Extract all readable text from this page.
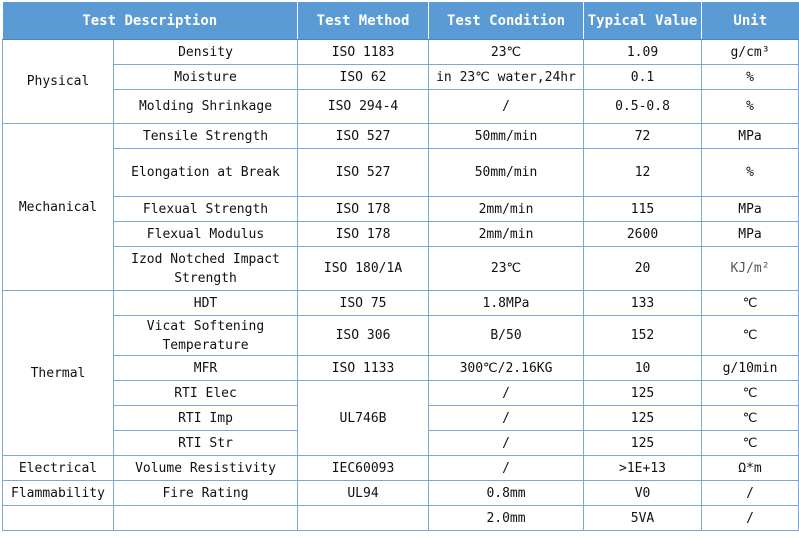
Test Description		Test Method	Test Condition	Typical Value	Unit
Physical	Density	ISO 1183	23℃	1.09	g/cm³
	Moisture	ISO 62	in 23℃ water,24hr	0.1	%
	Molding Shrinkage	ISO 294-4	/	0.5-0.8	%
Mechanical	Tensile Strength	ISO 527	50mm/min	72	MPa
	Elongation at Break	ISO 527	50mm/min	12	%
	Flexual Strength	ISO 178	2mm/min	115	MPa
	Flexual Modulus	ISO 178	2mm/min	2600	MPa
	Izod Notched Impact Strength	ISO 180/1A	23℃	20	KJ/m²
Thermal	HDT	ISO 75	1.8MPa	133	℃
	Vicat Softening Temperature	ISO 306	B/50	152	℃
	MFR	ISO 1133	300℃/2.16KG	10	g/10min
	RTI Elec	UL746B	/	125	℃
	RTI Imp		/	125	℃
	RTI Str		/	125	℃
Electrical	Volume Resistivity	IEC60093	/	>1E+13	Ω*m
Flammability	Fire Rating	UL94	0.8mm	V0	/
			2.0mm	5VA	/
